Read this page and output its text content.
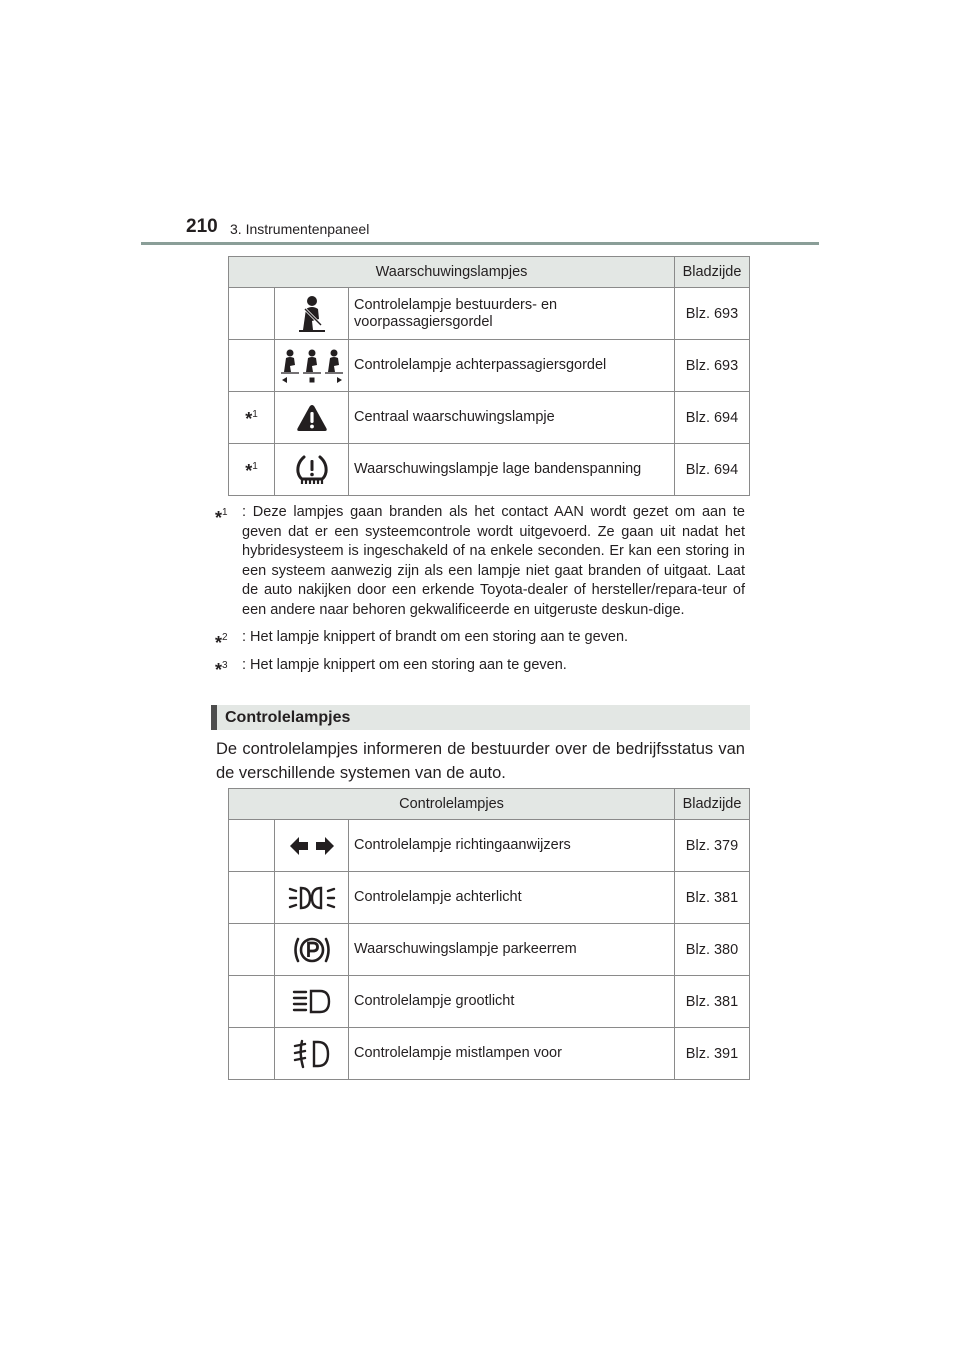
210 3. Instrumentenpaneel
Waarschuwingslampjes			Bladzijde

	Controlelampje bestuurders- en voorpassagiersgordel	Blz. 693

	Controlelampje achterpassagiersgordel	Blz. 693
*$^1$		Centraal waarschuwingslampje	Blz. 694
*$^1$		Waarschuwingslampje lage bandenspanning	Blz. 694
*$^1$ : Deze lampjes gaan branden als het contact AAN wordt gezet om aan te geven dat er een systeemcontrole wordt uitgevoerd. Ze gaan uit nadat het hybridesysteem is ingeschakeld of na enkele seconden. Er kan een storing in een systeem aanwezig zijn als een lampje niet gaat branden of uitgaat. Laat de auto nakijken door een erkende Toyota-dealer of hersteller/repara-teur of een andere naar behoren gekwalificeerde en uitgeruste deskun-dige.
*$^2$ : Het lampje knippert of brandt om een storing aan te geven.
*$^3$ : Het lampje knippert om een storing aan te geven.
Controlelampjes
De controlelampjes informeren de bestuurder over de bedrijfsstatus van de verschillende systemen van de auto.
Controlelampjes			Bladzijde

	Controlelampje richtingaanwijzers	Blz. 379

	Controlelampje achterlicht	Blz. 381

	Waarschuwingslampje parkeerrem	Blz. 380

	Controlelampje grootlicht	Blz. 381

	Controlelampje mistlampen voor	Blz. 391
